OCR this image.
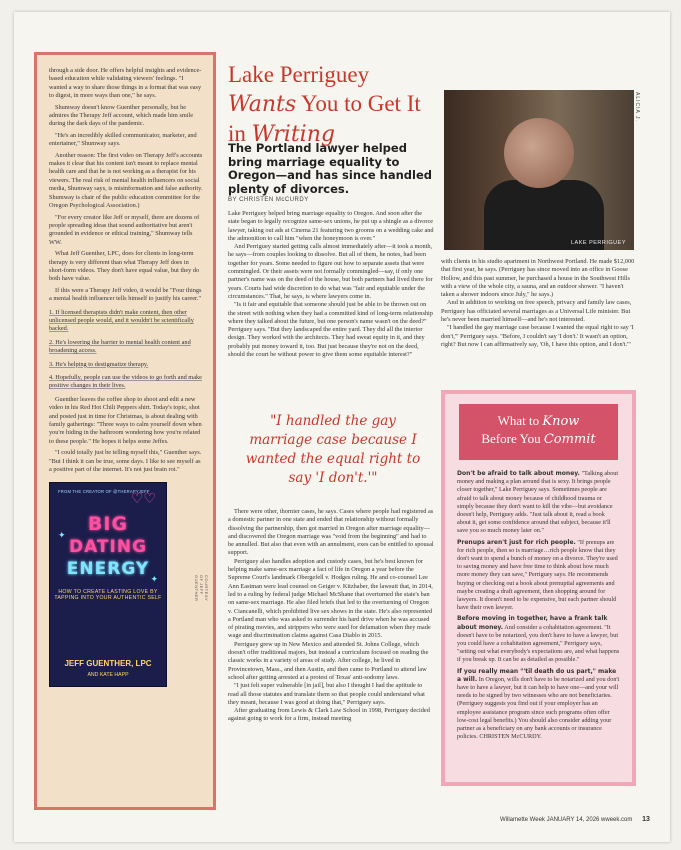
through a side door. He offers helpful insights and evidence-based education while validating viewers' feelings. "I wanted a way to share those things in a format that was easy to digest, in more ways than one," he says.

Shumway doesn't know Guenther personally, but he admires the Therapy Jeff account, which made him smile during the dark days of the pandemic.

"He's an incredibly skilled communicator, marketer, and entertainer," Shumway says.

Another reason: The first video on Therapy Jeff's accounts makes it clear that his content isn't meant to replace mental health care and that he is not working as a therapist for his viewers. The real risk of mental health influencers on social media, Shumway says, is misinformation and false authority. Shumway is chair of the public education committee for the Oregon Psychological Association.)

"For every creator like Jeff or myself, there are dozens of people spreading ideas that sound authoritative but aren't grounded in evidence or ethical training," Shumway tells WW.

What Jeff Guenther, LPC, does for clients in long-term therapy is very different than what Therapy Jeff does in short-form videos. They don't have equal value, but they do both have value.

If this were a Therapy Jeff video, it would be "Four things a mental health influencer tells himself to justify his career."

1. If licensed therapists didn't make content, then other unlicensed people would, and it wouldn't be scientifically backed.

2. He's lowering the barrier to mental health content and broadening access.

3. He's helping to destigmatize therapy.

4. Hopefully, people can use the videos to go forth and make positive changes in their lives.

Guenther leaves the coffee shop to shoot and edit a new video in his Red Hot Chili Peppers shirt. Today's topic, shot and posted just in time for Christmas, is about dealing with family gatherings: "Three ways to calm yourself down when you're hiding in the bathroom wondering how you're related to these people." He hopes it helps some Jeffes.

"I could totally just be telling myself this," Guenther says. "But I think it can be true, some days. I like to see myself as a positive part of the internet. It's not just brain rot."

FROM THE CREATOR OF @THERAPYJEFF
♡♡
✦
✦
BIG
DATING
ENERGY
HOW TO CREATE LASTING LOVE BY TAPPING INTO YOUR AUTHENTIC SELF
JEFF GUENTHER, LPC
AND KATE HAPP
COURTESY OF JEFF GUENTHER
Lake Perriguey Wants You to Get It in Writing
The Portland lawyer helped bring marriage equality to Oregon—and has since handled plenty of divorces.
BY CHRISTEN McCURDY
LAKE PERRIGUEY
ALICIA J. ROSE

Lake Perriguey helped bring marriage equality to Oregon. And soon after the state began to legally recognize same-sex unions, he put up a shingle as a divorce lawyer, taking out ads at Cinema 21 featuring two grooms on a wedding cake and the admonition to call him "when the honeymoon is over."

And Perriguey started getting calls almost immediately after—it took a month, he says—from couples looking to dissolve. But all of them, he notes, had been together for years. Some needed to figure out how to separate assets that were commingled. Or their assets were not formally commingled—say, if only one partner's name was on the deed of the house, but both partners had lived there for years. Courts had wide discretion to do what was "fair and equitable under the circumstances." That, he says, is where lawyers come in.

"Is it fair and equitable that someone should just be able to be thrown out on the street with nothing when they had a committed kind of long-term relationship where they talked about the future, but one person's name wasn't on the deed?" Perriguey says. "But they landscaped the entire yard. They did all the interior design. They worked with the architects. They had sweat equity in it, and they probably put money toward it, too. But just because they're not on the deed, should the court be without power to give them some equitable interest?"

"I handled the gay marriage case because I wanted the equal right to say 'I don't.'"

There were other, thornier cases, he says. Cases where people had registered as a domestic partner in one state and ended that relationship without formally dissolving the partnership, then got married in Oregon after marriage equality—and discovered the Oregon marriage was "void from the beginning" and had to be annulled. But also that even with an annulment, exes can be entitled to spousal support.

Perriguey also handles adoption and custody cases, but he's best known for helping make same-sex marriage a fact of life in Oregon a year before the Supreme Court's landmark Obergefell v. Hodges ruling. He and co-counsel Lee Ann Eastman were lead counsel on Geiger v. Kitzhaber, the lawsuit that, in 2014, led to a ruling by federal judge Michael McShane that overturned the state's ban on same-sex marriage. He also filed briefs that led to the overturning of Oregon v. Ciancanelli, which prohibited live sex shows in the state. He's also represented a Portland man who was asked to surrender his hard drive when he was accused of pirating movies, and strippers who were sued for defamation when they made wage and discrimination claims against Casa Diablo in 2015.

Perriguey grew up in New Mexico and attended St. Johns College, which doesn't offer traditional majors, but instead a curriculum focused on reading the classic works in a variety of areas of study. After college, he lived in Provincetown, Mass., and then Austin, and then came to Portland to attend law school after getting arrested at a protest of Texas' anti-sodomy laws.

"I just felt super vulnerable [in jail], but also I thought I had the aptitude to read all those statutes and translate them so that people could understand what they meant, because I was good at doing that," Perriguey says.

After graduating from Lewis & Clark Law School in 1998, Perriguey decided against going to work for a firm, instead meeting

with clients in his studio apartment in Northwest Portland. He made $12,000 that first year, he says. (Perriguey has since moved into an office in Goose Hollow, and this past summer, he purchased a house in the Southwest Hills with a view of the whole city, a sauna, and an outdoor shower. "I haven't taken a shower indoors since July," he says.)

And in addition to working on free speech, privacy and family law cases, Perriguey has officiated several marriages as a Universal Life minister. But he's never been married himself—and he's not interested.

"I handled the gay marriage case because I wanted the equal right to say 'I don't,'" Perriguey says. "Before, I couldn't say 'I don't.' It wasn't an option, right? But now I can affirmatively say, 'Oh, I have this option, and I don't.'"

What to Know
Before You Commit

Don't be afraid to talk about money. "Talking about money and making a plan around that is sexy. It brings people closer together," Lake Perriguey says. Sometimes people are afraid to talk about money because of childhood trauma or simply because they don't want to kill the vibe—but avoidance doesn't help, Perriguey adds. "Just talk about it, read a book about it, get some confidence around that subject, because it'll save you so much money later on."

Prenups aren't just for rich people. "If prenups are for rich people, then so is marriage…rich people know that they don't want to spend a bunch of money on a divorce. They're used to saving money and have free time to think about how much more money they can save," Perriguey says. He recommends buying or checking out a book about prenuptial agreements and maybe creating a draft agreement, then shopping around for lawyers. It doesn't need to be expensive, but each partner should have their own lawyer.

Before moving in together, have a frank talk about money. And consider a cohabitation agreement. "It doesn't have to be notarized, you don't have to have a lawyer, but you could have a cohabitation agreement," Perriguey says, "setting out what everybody's expectations are, and what happens if you break up. It can be as detailed as possible."

If you really mean "'til death do us part," make a will. In Oregon, wills don't have to be notarized and you don't have to have a lawyer, but it can help to have one—and your will needs to be signed by two witnesses who are not beneficiaries. (Perriguey suggests you find out if your employer has an employee assistance program since such programs often offer low-cost legal benefits.) You should also consider adding your partner as a beneficiary on any bank accounts or insurance policies. CHRISTEN McCURDY.

Willamette Week JANUARY 14, 2026 wweek.com 13
